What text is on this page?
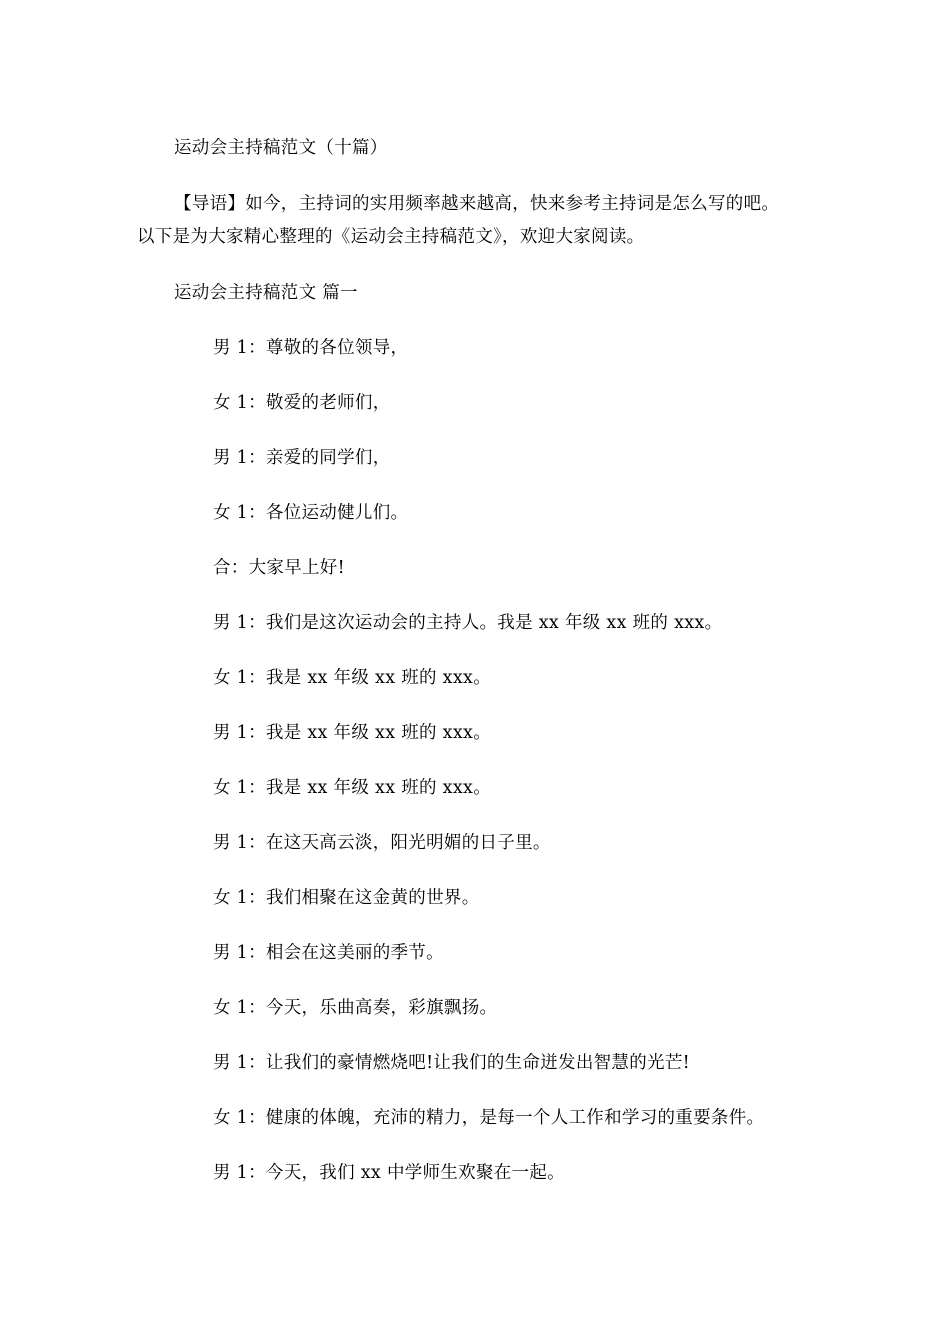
运动会主持稿范文（十篇）
【导语】如今，主持词的实用频率越来越高，快来参考主持词是怎么写的吧。
以下是为大家精心整理的《运动会主持稿范文》，欢迎大家阅读。
运动会主持稿范文 篇一
男 1：尊敬的各位领导，
女 1：敬爱的老师们，
男 1：亲爱的同学们，
女 1：各位运动健儿们。
合：大家早上好!
男 1：我们是这次运动会的主持人。我是 xx 年级 xx 班的 xxx。
女 1：我是 xx 年级 xx 班的 xxx。
男 1：我是 xx 年级 xx 班的 xxx。
女 1：我是 xx 年级 xx 班的 xxx。
男 1：在这天高云淡，阳光明媚的日子里。
女 1：我们相聚在这金黄的世界。
男 1：相会在这美丽的季节。
女 1：今天，乐曲高奏，彩旗飘扬。
男 1：让我们的豪情燃烧吧!让我们的生命迸发出智慧的光芒!
女 1：健康的体魄，充沛的精力，是每一个人工作和学习的重要条件。
男 1：今天，我们 xx 中学师生欢聚在一起。
